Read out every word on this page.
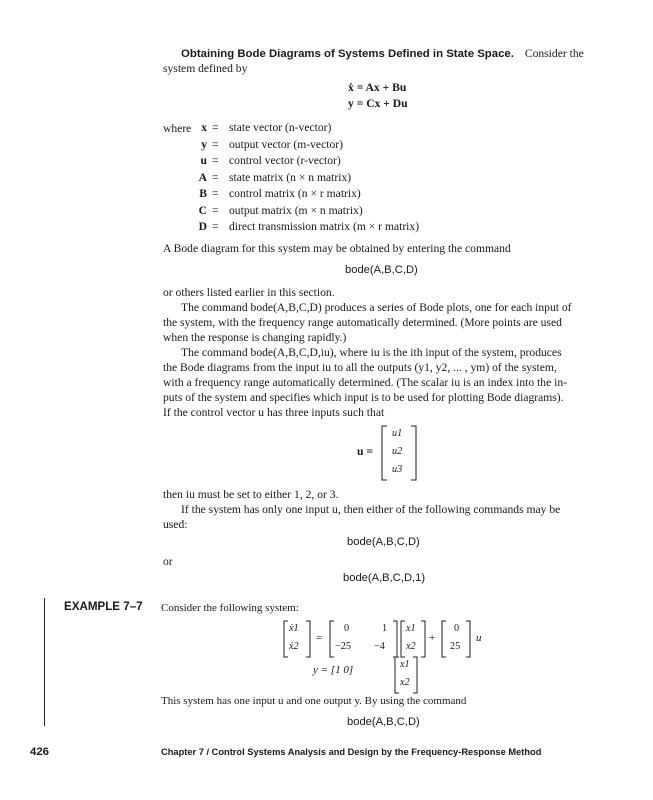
Obtaining Bode Diagrams of Systems Defined in State Space. Consider the
system defined by
ẋ = Ax + Bu
y = Cx + Du
where x = state vector (n-vector)
y = output vector (m-vector)
u = control vector (r-vector)
A = state matrix (n × n matrix)
B = control matrix (n × r matrix)
C = output matrix (m × n matrix)
D = direct transmission matrix (m × r matrix)
A Bode diagram for this system may be obtained by entering the command
bode(A,B,C,D)
or others listed earlier in this section.
The command bode(A,B,C,D) produces a series of Bode plots, one for each input of
the system, with the frequency range automatically determined. (More points are used
when the response is changing rapidly.)
The command bode(A,B,C,D,iu), where iu is the ith input of the system, produces
the Bode diagrams from the input iu to all the outputs (y1, y2, ... , ym) of the system,
with a frequency range automatically determined. (The scalar iu is an index into the in-
puts of the system and specifies which input is to be used for plotting Bode diagrams).
If the control vector u has three inputs such that
u =
u1
u2
u3
then iu must be set to either 1, 2, or 3.
If the system has only one input u, then either of the following commands may be
used:
bode(A,B,C,D)
or
bode(A,B,C,D,1)
EXAMPLE 7–7 Consider the following system:
ẋ1
ẋ2
=
0	1
−25 −4
x1
x2
+
0
25
u
y = [1 0]	x1
x2
This system has one input u and one output y. By using the command
bode(A,B,C,D)
426	Chapter 7 / Control Systems Analysis and Design by the Frequency-Response Method
